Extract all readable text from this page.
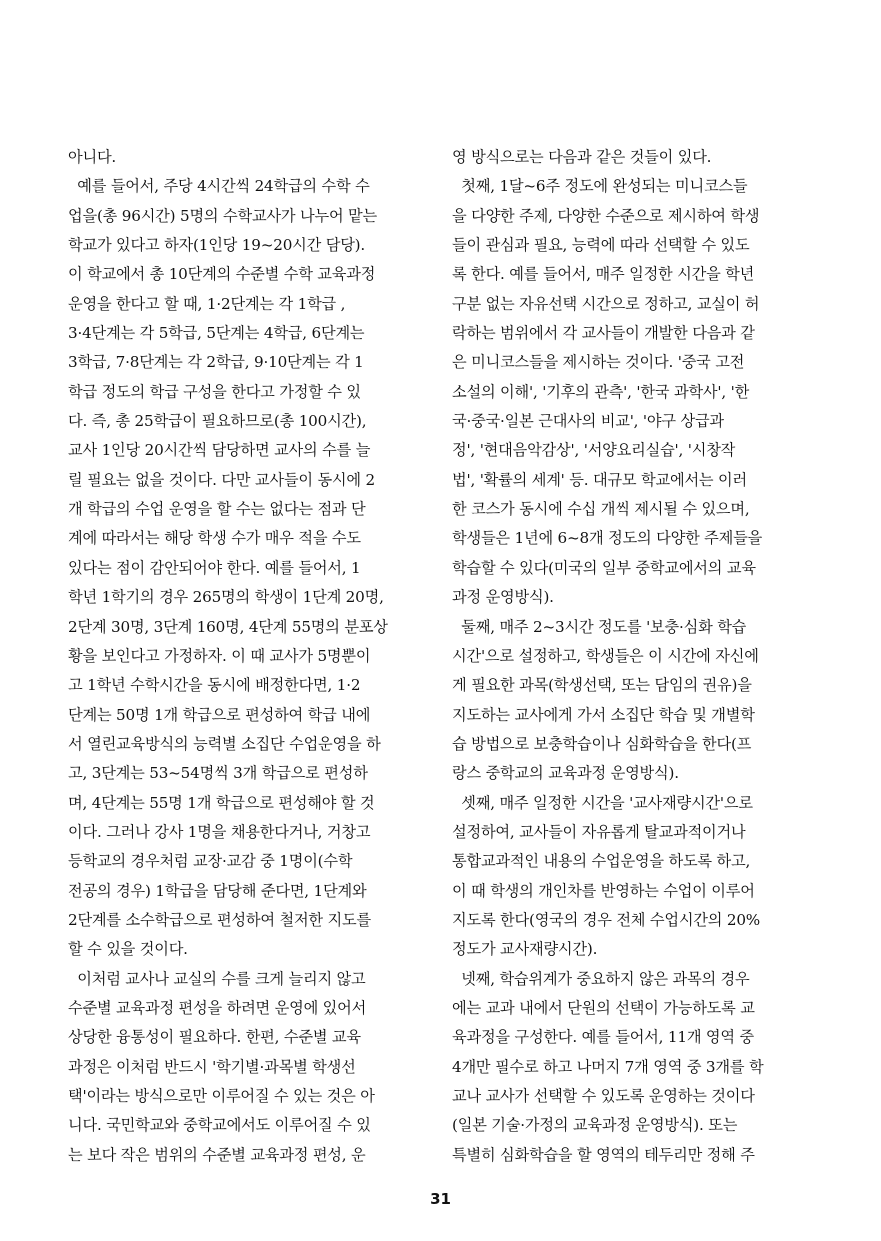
아니다.
예를 들어서, 주당 4시간씩 24학급의 수학 수
업을(총 96시간) 5명의 수학교사가 나누어 맡는
학교가 있다고 하자(1인당 19~20시간 담당).
이 학교에서 총 10단계의 수준별 수학 교육과정
운영을 한다고 할 때, 1·2단계는 각 1학급 ,
3·4단계는 각 5학급, 5단계는 4학급, 6단계는
3학급, 7·8단계는 각 2학급, 9·10단계는 각 1
학급 정도의 학급 구성을 한다고 가정할 수 있
다. 즉, 총 25학급이 필요하므로(총 100시간),
교사 1인당 20시간씩 담당하면 교사의 수를 늘
릴 필요는 없을 것이다. 다만 교사들이 동시에 2
개 학급의 수업 운영을 할 수는 없다는 점과 단
계에 따라서는 해당 학생 수가 매우 적을 수도
있다는 점이 감안되어야 한다. 예를 들어서, 1
학년 1학기의 경우 265명의 학생이 1단계 20명,
2단계 30명, 3단계 160명, 4단계 55명의 분포상
황을 보인다고 가정하자. 이 때 교사가 5명뿐이
고 1학년 수학시간을 동시에 배정한다면, 1·2
단계는 50명 1개 학급으로 편성하여 학급 내에
서 열린교육방식의 능력별 소집단 수업운영을 하
고, 3단계는 53~54명씩 3개 학급으로 편성하
며, 4단계는 55명 1개 학급으로 편성해야 할 것
이다. 그러나 강사 1명을 채용한다거나, 거창고
등학교의 경우처럼 교장·교감 중 1명이(수학
전공의 경우) 1학급을 담당해 준다면, 1단계와
2단계를 소수학급으로 편성하여 철저한 지도를
할 수 있을 것이다.
이처럼 교사나 교실의 수를 크게 늘리지 않고
수준별 교육과정 편성을 하려면 운영에 있어서
상당한 융통성이 필요하다. 한편, 수준별 교육
과정은 이처럼 반드시 '학기별·과목별 학생선
택'이라는 방식으로만 이루어질 수 있는 것은 아
니다. 국민학교와 중학교에서도 이루어질 수 있
는 보다 작은 범위의 수준별 교육과정 편성, 운
영 방식으로는 다음과 같은 것들이 있다.
첫째, 1달~6주 정도에 완성되는 미니코스들
을 다양한 주제, 다양한 수준으로 제시하여 학생
들이 관심과 필요, 능력에 따라 선택할 수 있도
록 한다. 예를 들어서, 매주 일정한 시간을 학년
구분 없는 자유선택 시간으로 정하고, 교실이 허
락하는 범위에서 각 교사들이 개발한 다음과 같
은 미니코스들을 제시하는 것이다. '중국 고전
소설의 이해', '기후의 관측', '한국 과학사', '한
국·중국·일본 근대사의 비교', '야구 상급과
정', '현대음악감상', '서양요리실습', '시창작
법', '확률의 세계' 등. 대규모 학교에서는 이러
한 코스가 동시에 수십 개씩 제시될 수 있으며,
학생들은 1년에 6~8개 정도의 다양한 주제들을
학습할 수 있다(미국의 일부 중학교에서의 교육
과정 운영방식).
둘째, 매주 2~3시간 정도를 '보충·심화 학습
시간'으로 설정하고, 학생들은 이 시간에 자신에
게 필요한 과목(학생선택, 또는 담임의 권유)을
지도하는 교사에게 가서 소집단 학습 및 개별학
습 방법으로 보충학습이나 심화학습을 한다(프
랑스 중학교의 교육과정 운영방식).
셋째, 매주 일정한 시간을 '교사재량시간'으로
설정하여, 교사들이 자유롭게 탈교과적이거나
통합교과적인 내용의 수업운영을 하도록 하고,
이 때 학생의 개인차를 반영하는 수업이 이루어
지도록 한다(영국의 경우 전체 수업시간의 20%
정도가 교사재량시간).
넷째, 학습위계가 중요하지 않은 과목의 경우
에는 교과 내에서 단원의 선택이 가능하도록 교
육과정을 구성한다. 예를 들어서, 11개 영역 중
4개만 필수로 하고 나머지 7개 영역 중 3개를 학
교나 교사가 선택할 수 있도록 운영하는 것이다
(일본 기술·가정의 교육과정 운영방식). 또는
특별히 심화학습을 할 영역의 테두리만 정해 주
31
